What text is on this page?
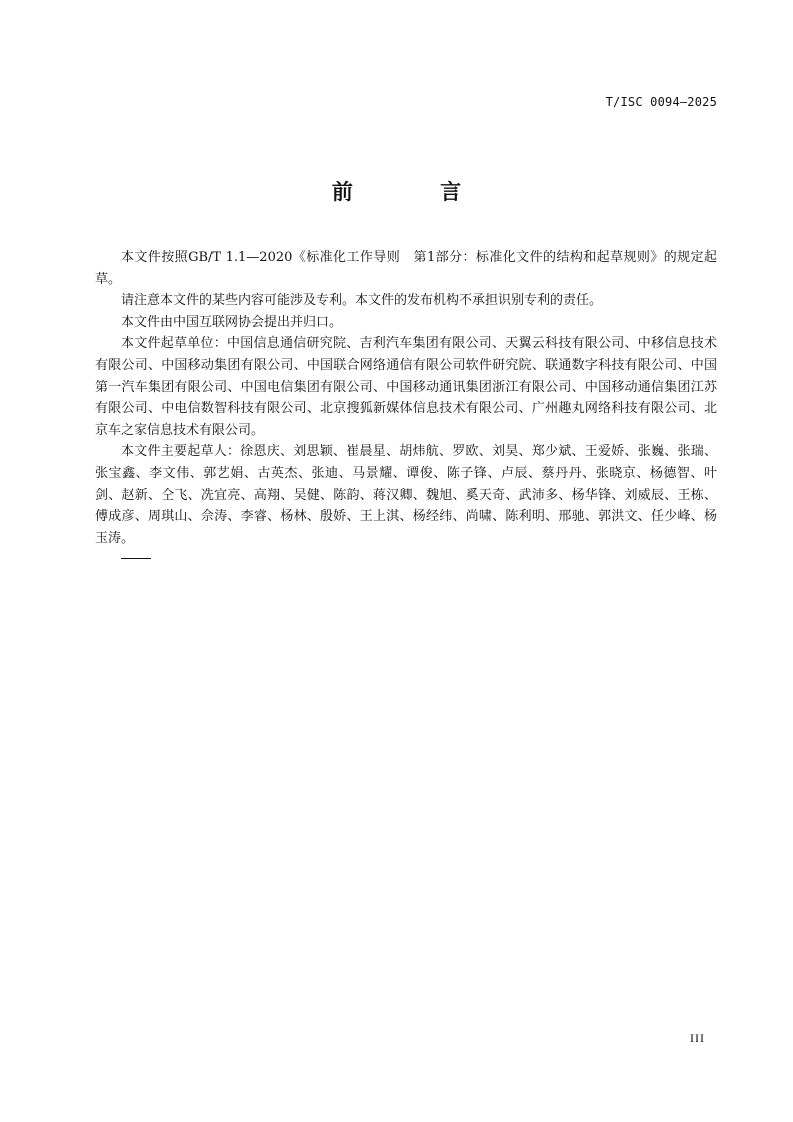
T/ISC 0094—2025
前 言

本文件按照GB/T 1.1—2020《标准化工作导则　第1部分：标准化文件的结构和起草规则》的规定起草。

请注意本文件的某些内容可能涉及专利。本文件的发布机构不承担识别专利的责任。

本文件由中国互联网协会提出并归口。

本文件起草单位：中国信息通信研究院、吉利汽车集团有限公司、天翼云科技有限公司、中移信息技术有限公司、中国移动集团有限公司、中国联合网络通信有限公司软件研究院、联通数字科技有限公司、中国第一汽车集团有限公司、中国电信集团有限公司、中国移动通讯集团浙江有限公司、中国移动通信集团江苏有限公司、中电信数智科技有限公司、北京搜狐新媒体信息技术有限公司、广州趣丸网络科技有限公司、北京车之家信息技术有限公司。

本文件主要起草人：徐恩庆、刘思颖、崔晨星、胡炜航、罗欧、刘昊、郑少斌、王爱娇、张巍、张瑞、张宝鑫、李文伟、郭艺娟、古英杰、张迪、马景耀、谭俊、陈子锋、卢辰、蔡丹丹、张晓京、杨德智、叶剑、赵新、仝飞、冼宜亮、高翔、吴健、陈韵、蒋汉卿、魏旭、奚天奇、武沛多、杨华锋、刘威辰、王栋、傅成彦、周琪山、佘涛、李睿、杨林、殷娇、王上淇、杨经纬、尚啸、陈利明、邢驰、郭洪文、任少峰、杨玉涛。

III
